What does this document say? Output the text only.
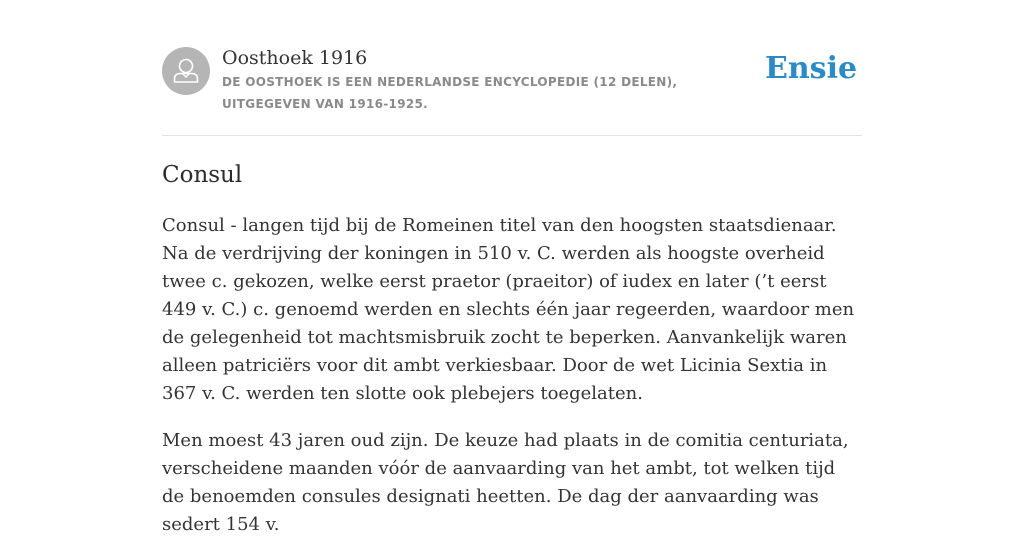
Oosthoek 1916
DE OOSTHOEK IS EEN NEDERLANDSE ENCYCLOPEDIE (12 DELEN), UITGEGEVEN VAN 1916-1925.
Ensie
Consul

Consul - langen tijd bij de Romeinen titel van den hoogsten staatsdienaar. Na de verdrijving der koningen in 510 v. C. werden als hoogste overheid twee c. gekozen, welke eerst praetor (praeitor) of iudex en later (’t eerst 449 v. C.) c. genoemd werden en slechts één jaar regeerden, waardoor men de gelegenheid tot machtsmisbruik zocht te beperken. Aanvankelijk waren alleen patriciërs voor dit ambt verkiesbaar. Door de wet Licinia Sextia in 367 v. C. werden ten slotte ook plebejers toegelaten.

Men moest 43 jaren oud zijn. De keuze had plaats in de comitia centuriata, verscheidene maanden vóór de aanvaarding van het ambt, tot welken tijd de benoemden consules designati heetten. De dag der aanvaarding was sedert 154 v.
